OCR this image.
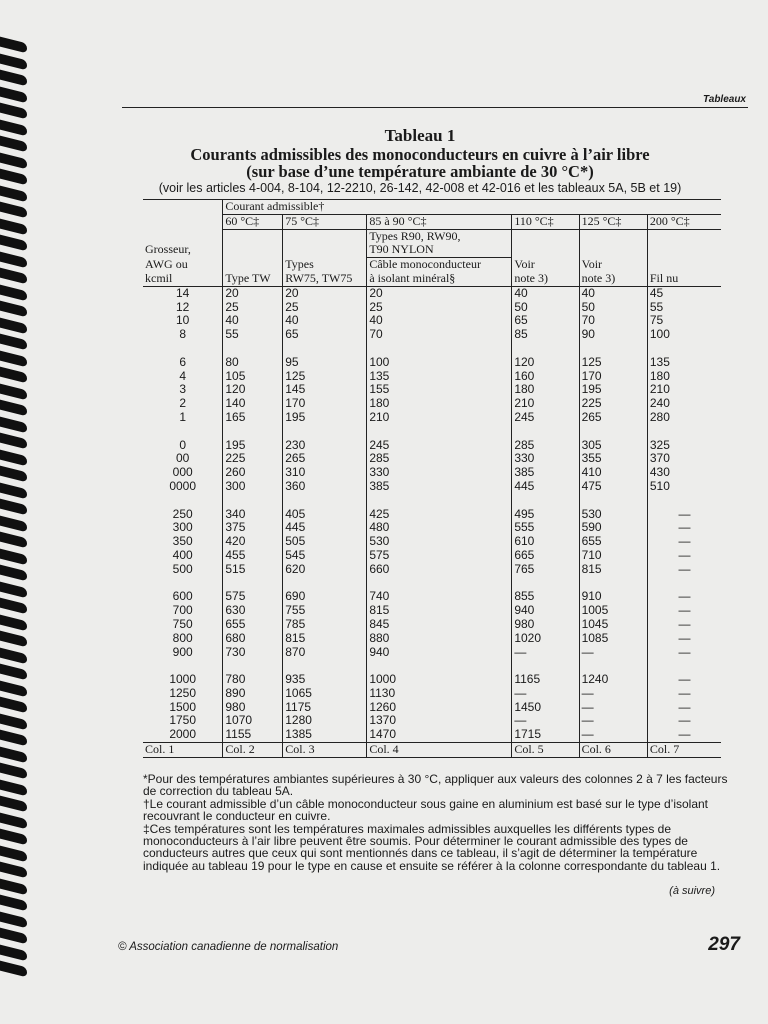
Tableaux
Tableau 1
Courants admissibles des monoconducteurs en cuivre à l’air libre
(sur base d’une température ambiante de 30 °C*)
(voir les articles 4-004, 8-104, 12-2210, 26-142, 42-008 et 42-016 et les tableaux 5A, 5B et 19)
	Courant admissible†					
	60 °C‡	75 °C‡	85 à 90 °C‡	110 °C‡	125 °C‡	200 °C‡
			Types R90, RW90,			
Grosseur,			T90 NYLON			
AWG ou		Types	Câble monoconducteur	Voir	Voir	
kcmil	Type TW	RW75, TW75	à isolant minéral§	note 3)	note 3)	Fil nu
14	20	20	20	40	40	45
12	25	25	25	50	50	55
10	40	40	40	65	70	75
8	55	65	70	85	90	100

6	80	95	100	120	125	135
4	105	125	135	160	170	180
3	120	145	155	180	195	210
2	140	170	180	210	225	240
1	165	195	210	245	265	280

0	195	230	245	285	305	325
00	225	265	285	330	355	370
000	260	310	330	385	410	430
0000	300	360	385	445	475	510

250	340	405	425	495	530	—
300	375	445	480	555	590	—
350	420	505	530	610	655	—
400	455	545	575	665	710	—
500	515	620	660	765	815	—

600	575	690	740	855	910	—
700	630	755	815	940	1005	—
750	655	785	845	980	1045	—
800	680	815	880	1020	1085	—
900	730	870	940	—	—	—

1000	780	935	1000	1165	1240	—
1250	890	1065	1130	—	—	—
1500	980	1175	1260	1450	—	—
1750	1070	1280	1370	—	—	—
2000	1155	1385	1470	1715	—	—
Col. 1	Col. 2	Col. 3	Col. 4	Col. 5	Col. 6	Col. 7

*Pour des températures ambiantes supérieures à 30 °C, appliquer aux valeurs des colonnes 2 à 7 les facteurs de correction du tableau 5A.

†Le courant admissible d’un câble monoconducteur sous gaine en aluminium est basé sur le type d’isolant recouvrant le conducteur en cuivre.

‡Ces températures sont les températures maximales admissibles auxquelles les différents types de monoconducteurs à l’air libre peuvent être soumis. Pour déterminer le courant admissible des types de conducteurs autres que ceux qui sont mentionnés dans ce tableau, il s’agit de déterminer la température indiquée au tableau 19 pour le type en cause et ensuite se référer à la colonne correspondante du tableau 1.

(à suivre)
© Association canadienne de normalisation	297
